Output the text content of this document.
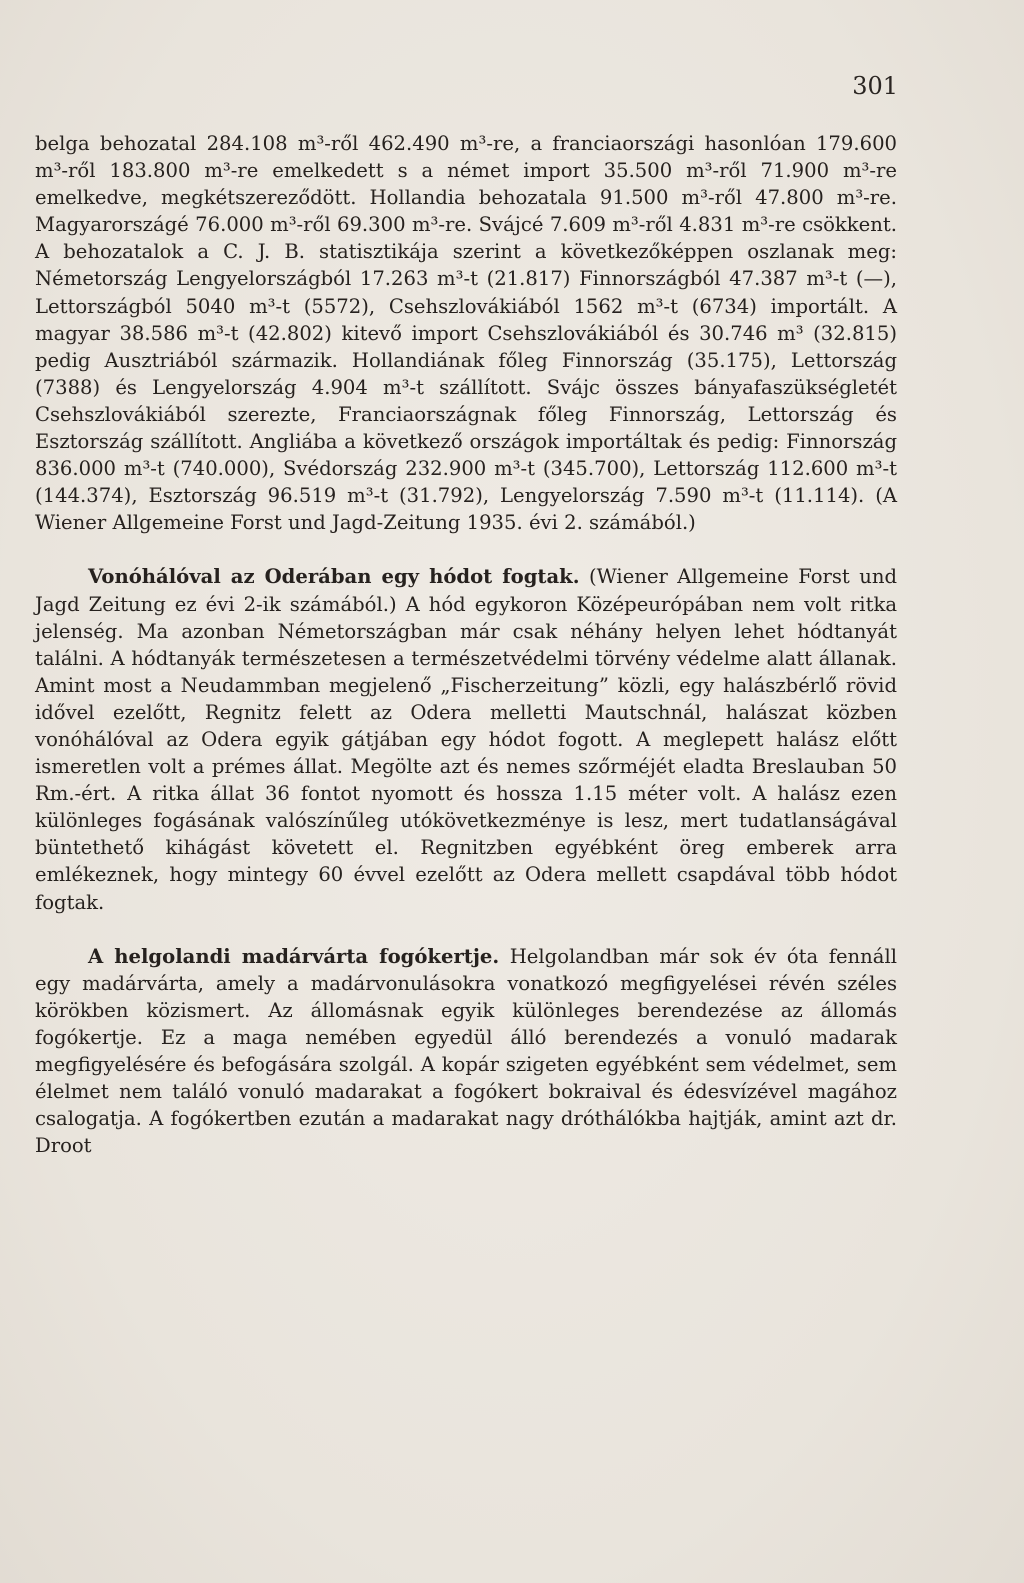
301

belga behozatal 284.108 m³-ről 462.490 m³-re, a franciaországi hasonlóan 179.600 m³-ről 183.800 m³-re emelkedett s a német import 35.500 m³-ről 71.900 m³-re emelkedve, megkétszereződött. Hollandia behozatala 91.500 m³-ről 47.800 m³-re. Magyarországé 76.000 m³-ről 69.300 m³-re. Svájcé 7.609 m³-ről 4.831 m³-re csökkent. A behozatalok a C. J. B. statisztikája szerint a következőképpen oszlanak meg: Németország Lengyelországból 17.263 m³-t (21.817) Finnországból 47.387 m³-t (—), Lettországból 5040 m³-t (5572), Csehszlovákiából 1562 m³-t (6734) importált. A magyar 38.586 m³-t (42.802) kitevő import Csehszlovákiából és 30.746 m³ (32.815) pedig Ausztriából származik. Hollandiának főleg Finnország (35.175), Lettország (7388) és Lengyelország 4.904 m³-t szállított. Svájc összes bányafaszükségletét Csehszlovákiából szerezte, Franciaországnak főleg Finnország, Lettország és Esztország szállított. Angliába a következő országok importáltak és pedig: Finnország 836.000 m³-t (740.000), Svédország 232.900 m³-t (345.700), Lettország 112.600 m³-t (144.374), Esztország 96.519 m³-t (31.792), Lengyelország 7.590 m³-t (11.114). (A Wiener Allgemeine Forst und Jagd-Zeitung 1935. évi 2. számából.)

Vonóhálóval az Oderában egy hódot fogtak. (Wiener Allgemeine Forst und Jagd Zeitung ez évi 2-ik számából.) A hód egykoron Középeurópában nem volt ritka jelenség. Ma azonban Németországban már csak néhány helyen lehet hódtanyát találni. A hódtanyák természetesen a természetvédelmi törvény védelme alatt állanak. Amint most a Neudammban megjelenő „Fischerzeitung” közli, egy halászbérlő rövid idővel ezelőtt, Regnitz felett az Odera melletti Mautschnál, halászat közben vonóhálóval az Odera egyik gátjában egy hódot fogott. A meglepett halász előtt ismeretlen volt a prémes állat. Megölte azt és nemes szőrméjét eladta Breslauban 50 Rm.-ért. A ritka állat 36 fontot nyomott és hossza 1.15 méter volt. A halász ezen különleges fogásának valószínűleg utókövetkezménye is lesz, mert tudatlanságával büntethető kihágást követett el. Regnitzben egyébként öreg emberek arra emlékeznek, hogy mintegy 60 évvel ezelőtt az Odera mellett csapdával több hódot fogtak.

A helgolandi madárvárta fogókertje. Helgolandban már sok év óta fennáll egy madárvárta, amely a madárvonulásokra vonatkozó megfigyelései révén széles körökben közismert. Az állomásnak egyik különleges berendezése az állomás fogókertje. Ez a maga nemében egyedül álló berendezés a vonuló madarak megfigyelésére és befogására szolgál. A kopár szigeten egyébként sem védelmet, sem élelmet nem találó vonuló madarakat a fogókert bokraival és édesvízével magához csalogatja. A fogókertben ezután a madarakat nagy dróthálókba hajtják, amint azt dr. Droot
